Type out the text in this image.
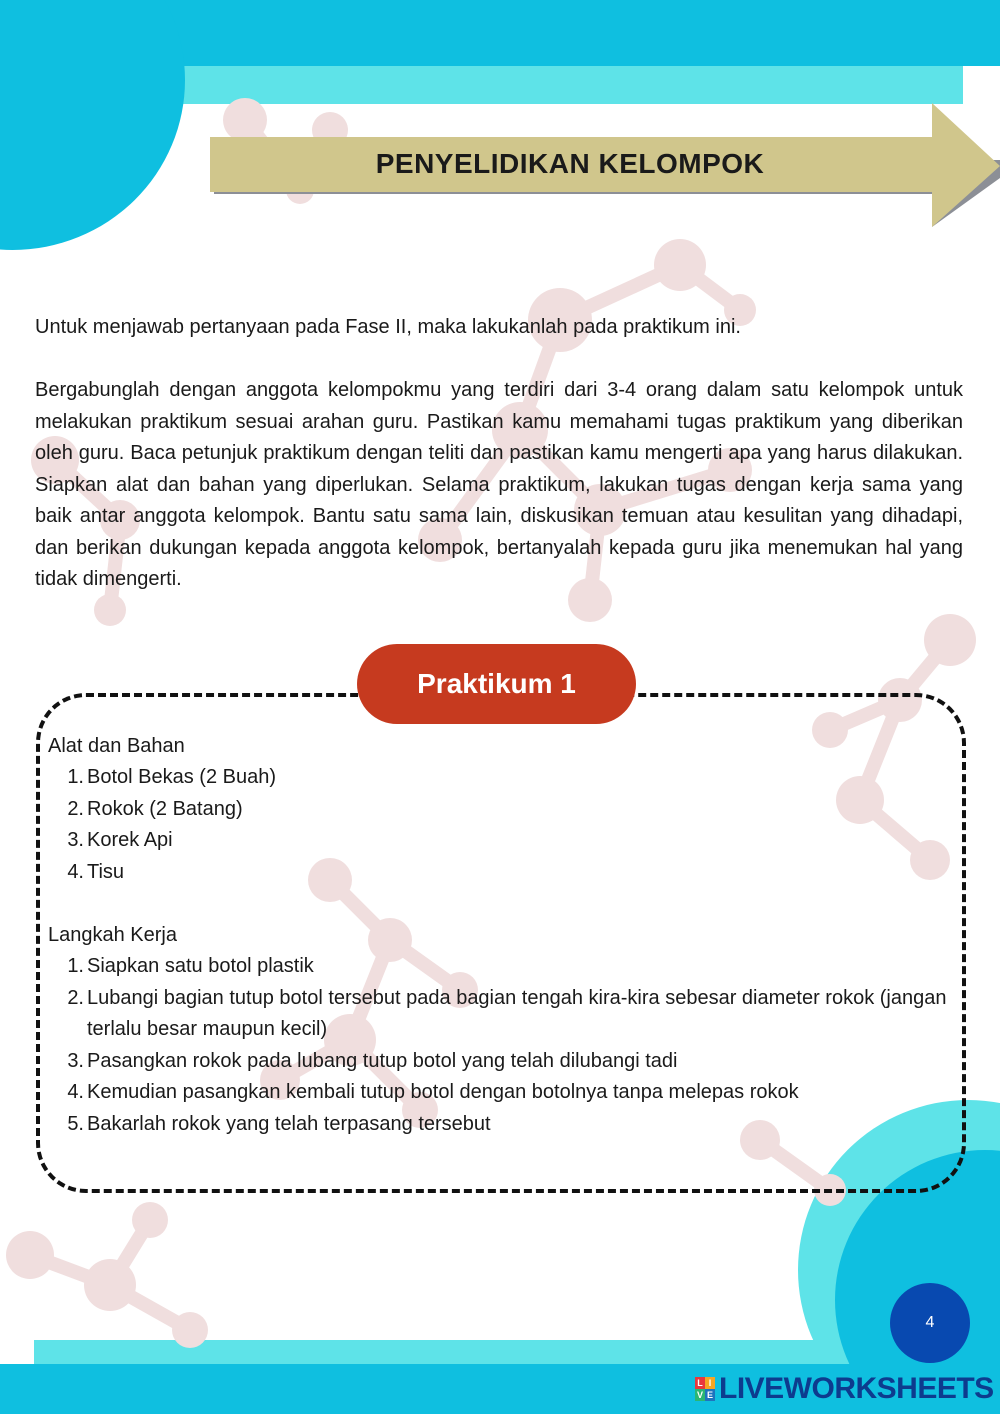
PENYELIDIKAN KELOMPOK

Untuk menjawab pertanyaan pada Fase II, maka lakukanlah pada praktikum ini.

Bergabunglah dengan anggota kelompokmu yang terdiri dari 3-4 orang dalam satu kelompok untuk melakukan praktikum sesuai arahan guru. Pastikan kamu memahami tugas praktikum yang diberikan oleh guru. Baca petunjuk praktikum dengan teliti dan pastikan kamu mengerti apa yang harus dilakukan. Siapkan alat dan bahan yang diperlukan. Selama praktikum, lakukan tugas dengan kerja sama yang baik antar anggota kelompok. Bantu satu sama lain, diskusikan temuan atau kesulitan yang dihadapi, dan berikan dukungan kepada anggota kelompok, bertanyalah kepada guru jika menemukan hal yang tidak dimengerti.

Praktikum 1
Alat dan Bahan
1. Botol Bekas (2 Buah)
2. Rokok (2 Batang)
3. Korek Api
4. Tisu
Langkah Kerja
1. Siapkan satu botol plastik
2. Lubangi bagian tutup botol tersebut pada bagian tengah kira-kira sebesar diameter rokok (jangan terlalu besar maupun kecil)
3. Pasangkan rokok pada lubang tutup botol yang telah dilubangi tadi
4. Kemudian pasangkan kembali tutup botol dengan botolnya tanpa melepas rokok
5. Bakarlah rokok yang telah terpasang tersebut
4
L I
V E LIVEWORKSHEETS
